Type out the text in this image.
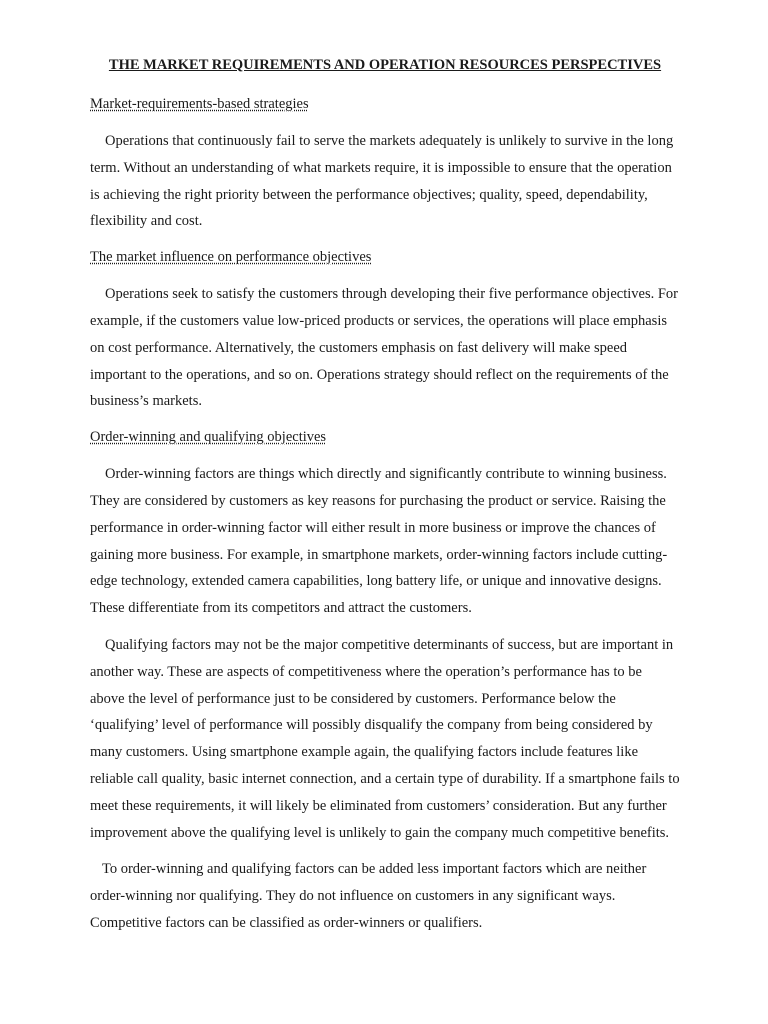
THE MARKET REQUIREMENTS AND OPERATION RESOURCES PERSPECTIVES
Market-requirements-based strategies

Operations that continuously fail to serve the markets adequately is unlikely to survive in the long term. Without an understanding of what markets require, it is impossible to ensure that the operation is achieving the right priority between the performance objectives; quality, speed, dependability, flexibility and cost.

The market influence on performance objectives

Operations seek to satisfy the customers through developing their five performance objectives. For example, if the customers value low-priced products or services, the operations will place emphasis on cost performance. Alternatively, the customers emphasis on fast delivery will make speed important to the operations, and so on. Operations strategy should reflect on the requirements of the business’s markets.

Order-winning and qualifying objectives

Order-winning factors are things which directly and significantly contribute to winning business. They are considered by customers as key reasons for purchasing the product or service. Raising the performance in order-winning factor will either result in more business or improve the chances of gaining more business. For example, in smartphone markets, order-winning factors include cutting-edge technology, extended camera capabilities, long battery life, or unique and innovative designs. These differentiate from its competitors and attract the customers.

Qualifying factors may not be the major competitive determinants of success, but are important in another way. These are aspects of competitiveness where the operation’s performance has to be above the level of performance just to be considered by customers. Performance below the ‘qualifying’ level of performance will possibly disqualify the company from being considered by many customers. Using smartphone example again, the qualifying factors include features like reliable call quality, basic internet connection, and a certain type of durability. If a smartphone fails to meet these requirements, it will likely be eliminated from customers’ consideration. But any further improvement above the qualifying level is unlikely to gain the company much competitive benefits.

To order-winning and qualifying factors can be added less important factors which are neither order-winning nor qualifying. They do not influence on customers in any significant ways. Competitive factors can be classified as order-winners or qualifiers.
